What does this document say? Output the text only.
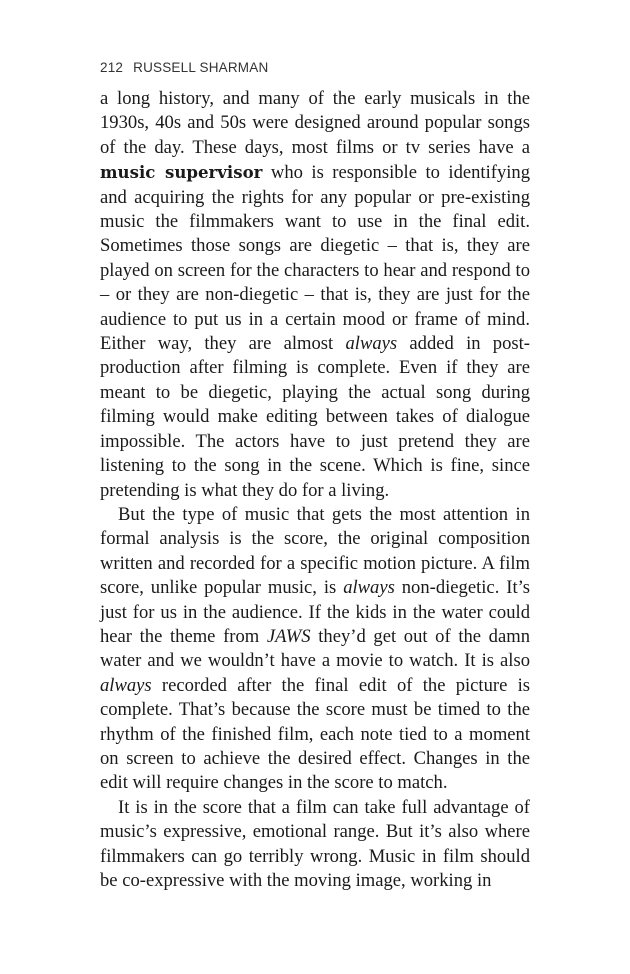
212 RUSSELL SHARMAN

a long history, and many of the early musicals in the 1930s, 40s and 50s were designed around popular songs of the day. These days, most films or tv series have a music supervisor who is responsible to identifying and acquiring the rights for any popular or pre-existing music the filmmakers want to use in the final edit. Sometimes those songs are diegetic – that is, they are played on screen for the characters to hear and respond to – or they are non-diegetic – that is, they are just for the audience to put us in a certain mood or frame of mind. Either way, they are almost always added in post-production after filming is complete. Even if they are meant to be diegetic, playing the actual song during filming would make editing between takes of dialogue impossible. The actors have to just pretend they are listening to the song in the scene. Which is fine, since pretending is what they do for a living.

But the type of music that gets the most attention in formal analysis is the score, the original composition written and recorded for a specific motion picture. A film score, unlike popular music, is always non-diegetic. It’s just for us in the audience. If the kids in the water could hear the theme from JAWS they’d get out of the damn water and we wouldn’t have a movie to watch. It is also always recorded after the final edit of the picture is complete. That’s because the score must be timed to the rhythm of the finished film, each note tied to a moment on screen to achieve the desired effect. Changes in the edit will require changes in the score to match.

It is in the score that a film can take full advantage of music’s expressive, emotional range. But it’s also where filmmakers can go terribly wrong. Music in film should be co-expressive with the moving image, working in
